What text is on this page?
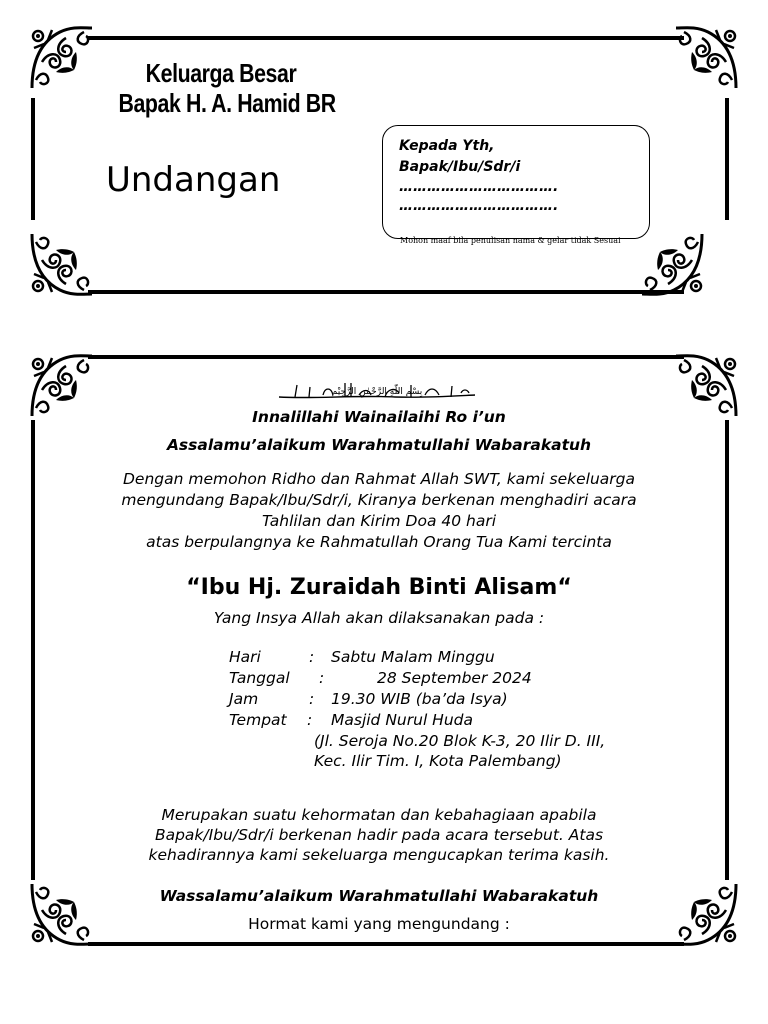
Keluarga Besar
Bapak H. A. Hamid BR
Undangan
Kepada Yth,
Bapak/Ibu/Sdr/i
…………………………….
…………………………….
Mohon maaf bila penulisan nama & gelar tidak Sesuai
بِسْمِ اللّٰهِ الرَّحْمٰنِ الرَّحِيْمِ
Innalillahi Wainailaihi Ro i’un
Assalamu’alaikum Warahmatullahi Wabarakatuh
Dengan memohon Ridho dan Rahmat Allah SWT, kami sekeluarga
mengundang Bapak/Ibu/Sdr/i, Kiranya berkenan menghadiri acara
Tahlilan dan Kirim Doa 40 hari
atas berpulangnya ke Rahmatullah Orang Tua Kami tercinta
“Ibu Hj. Zuraidah Binti Alisam“
Yang Insya Allah akan dilaksanakan pada :
Hari	: Sabtu Malam Minggu
Tanggal :	28 September 2024
Jam	: 19.30 WIB (ba’da Isya)
Tempat : Masjid Nurul Huda
(Jl. Seroja No.20 Blok K-3, 20 Ilir D. III,
Kec. Ilir Tim. I, Kota Palembang)
Merupakan suatu kehormatan dan kebahagiaan apabila
Bapak/Ibu/Sdr/i berkenan hadir pada acara tersebut. Atas
kehadirannya kami sekeluarga mengucapkan terima kasih.
Wassalamu’alaikum Warahmatullahi Wabarakatuh
Hormat kami yang mengundang :
